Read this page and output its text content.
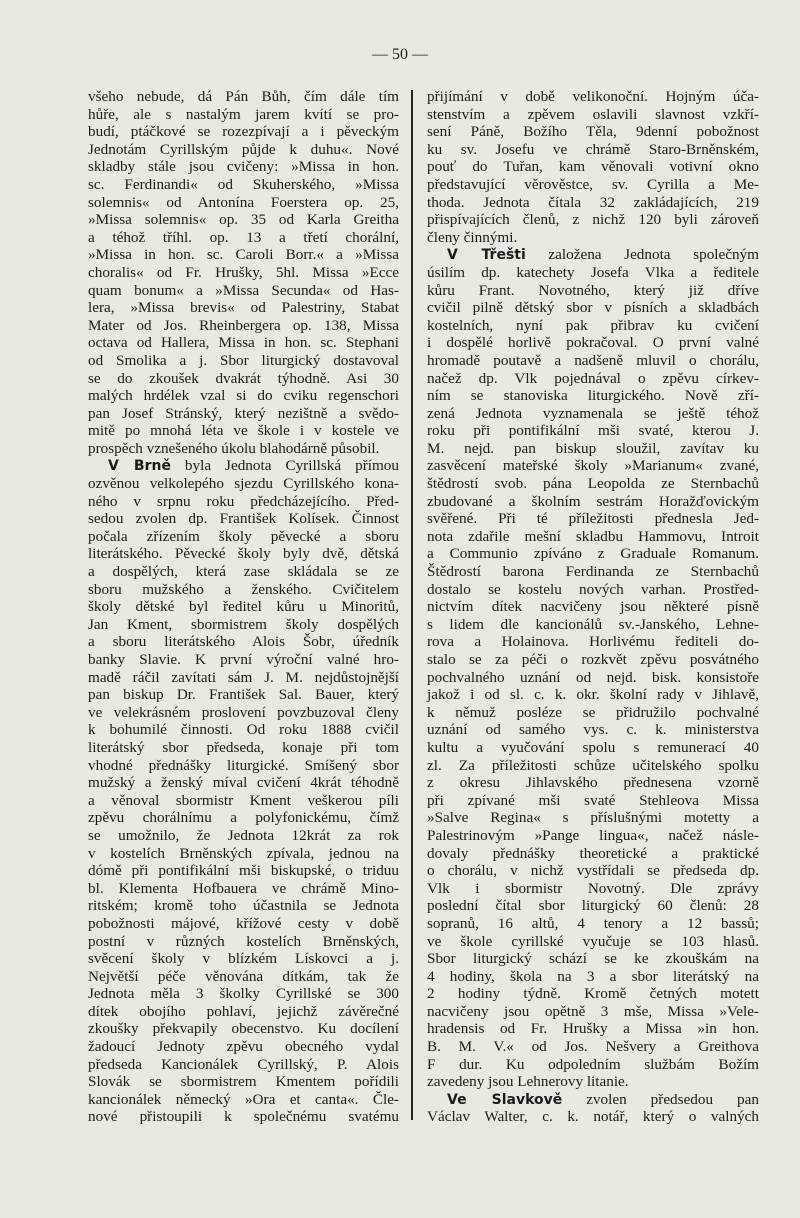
— 50 —
všeho nebude, dá Pán Bůh, čím dále tím
hůře, ale s nastalým jarem kvítí se pro-
budí, ptáčkové se rozezpívají a i pěveckým
Jednotám Cyrillským půjde k duhu«. Nové
skladby stále jsou cvičeny: »Missa in hon.
sc. Ferdinandi« od Skuherského, »Missa
solemnis« od Antonína Foerstera op. 25,
»Missa solemnis« op. 35 od Karla Greitha
a téhož tříhl. op. 13 a třetí chorální,
»Missa in hon. sc. Caroli Borr.« a »Missa
choralis« od Fr. Hrušky, 5hl. Missa »Ecce
quam bonum« a »Missa Secunda« od Has-
lera, »Missa brevis« od Palestriny, Stabat
Mater od Jos. Rheinbergera op. 138, Missa
octava od Hallera, Missa in hon. sc. Stephani
od Smolika a j. Sbor liturgický dostavoval
se do zkoušek dvakrát týhodně. Asi 30
malých hrdélek vzal si do cviku regenschori
pan Josef Stránský, který nezištně a svědo-
mitě po mnohá léta ve škole i v kostele ve
prospěch vznešeného úkolu blahodárně působil.
V Brně byla Jednota Cyrillská přímou
ozvěnou velkolepého sjezdu Cyrillského kona-
ného v srpnu roku předcházejícího. Před-
sedou zvolen dp. František Kolísek. Činnost
počala zřízením školy pěvecké a sboru
literátského. Pěvecké školy byly dvě, dětská
a dospělých, která zase skládala se ze
sboru mužského a ženského. Cvičitelem
školy dětské byl ředitel kůru u Minoritů,
Jan Kment, sbormistrem školy dospělých
a sboru literátského Alois Šobr, úředník
banky Slavie. K první výroční valné hro-
madě ráčil zavítati sám J. M. nejdůstojnější
pan biskup Dr. František Sal. Bauer, který
ve velekrásném proslovení povzbuzoval členy
k bohumilé činnosti. Od roku 1888 cvičil
literátský sbor předseda, konaje při tom
vhodné přednášky liturgické. Smíšený sbor
mužský a ženský míval cvičení 4krát téhodně
a věnoval sbormistr Kment veškerou píli
zpěvu chorálnímu a polyfonickému, čímž
se umožnilo, že Jednota 12krát za rok
v kostelích Brněnských zpívala, jednou na
dómě při pontifikální mši biskupské, o triduu
bl. Klementa Hofbauera ve chrámě Mino-
ritském; kromě toho účastnila se Jednota
pobožnosti májové, křížové cesty v době
postní v různých kostelích Brněnských,
svěcení školy v blízkém Lískovci a j.
Největší péče věnována dítkám, tak že
Jednota měla 3 školky Cyrillské se 300
dítek obojího pohlaví, jejichž závěrečné
zkoušky překvapily obecenstvo. Ku docílení
žadoucí Jednoty zpěvu obecného vydal
předseda Kancionálek Cyrillský, P. Alois
Slovák se sbormistrem Kmentem pořídili
kancionálek německý »Ora et canta«. Čle-
nové přistoupili k společnému svatému
přijímání v době velikonoční. Hojným úča-
stenstvím a zpěvem oslavili slavnost vzkří-
sení Páně, Božího Těla, 9denní pobožnost
ku sv. Josefu ve chrámě Staro-Brněnském,
pouť do Tuřan, kam věnovali votivní okno
představující věrověstce, sv. Cyrilla a Me-
thoda. Jednota čítala 32 zakládajících, 219
přispívajících členů, z nichž 120 byli zároveň
členy činnými.
V Třešti založena Jednota společným
úsilím dp. katechety Josefa Vlka a ředitele
kůru Frant. Novotného, který již dříve
cvičil pilně dětský sbor v písních a skladbách
kostelních, nyní pak přibrav ku cvičení
i dospělé horlivě pokračoval. O první valné
hromadě poutavě a nadšeně mluvil o chorálu,
načež dp. Vlk pojednával o zpěvu církev-
ním se stanoviska liturgického. Nově zří-
zená Jednota vyznamenala se ještě téhož
roku při pontifikální mši svaté, kterou J.
M. nejd. pan biskup sloužil, zavítav ku
zasvěcení mateřské školy »Marianum« zvané,
štědrostí svob. pána Leopolda ze Sternbachů
zbudované a školním sestrám Horažďovickým
svěřené. Při té příležitosti přednesla Jed-
nota zdařile mešní skladbu Hammovu, Introit
a Communio zpíváno z Graduale Romanum.
Štědrostí barona Ferdinanda ze Sternbachů
dostalo se kostelu nových varhan. Prostřed-
nictvím dítek nacvičeny jsou některé písně
s lidem dle kancionálů sv.-Janského, Lehne-
rova a Holainova. Horlivému řediteli do-
stalo se za péči o rozkvět zpěvu posvátného
pochvalného uznání od nejd. bisk. konsistoře
jakož i od sl. c. k. okr. školní rady v Jihlavě,
k němuž posléze se přidružilo pochvalné
uznání od samého vys. c. k. ministerstva
kultu a vyučování spolu s remunerací 40
zl. Za příležitosti schůze učitelského spolku
z okresu Jihlavského přednesena vzorně
při zpívané mši svaté Stehleova Missa
»Salve Regina« s příslušnými motetty a
Palestrinovým »Pange lingua«, načež násle-
dovaly přednášky theoretické a praktické
o chorálu, v nichž vystřídali se předseda dp.
Vlk i sbormistr Novotný. Dle zprávy
poslední čítal sbor liturgický 60 členů: 28
sopranů, 16 altů, 4 tenory a 12 bassů;
ve škole cyrillské vyučuje se 103 hlasů.
Sbor liturgický schází se ke zkouškám na
4 hodiny, škola na 3 a sbor literátský na
2 hodiny týdně. Kromě četných motett
nacvičeny jsou opětně 3 mše, Missa »Vele-
hradensis od Fr. Hrušky a Missa »in hon.
B. M. V.« od Jos. Nešvery a Greithova
F dur. Ku odpoledním službám Božím
zavedeny jsou Lehnerovy litanie.
Ve Slavkově zvolen předsedou pan
Václav Walter, c. k. notář, který o valných
